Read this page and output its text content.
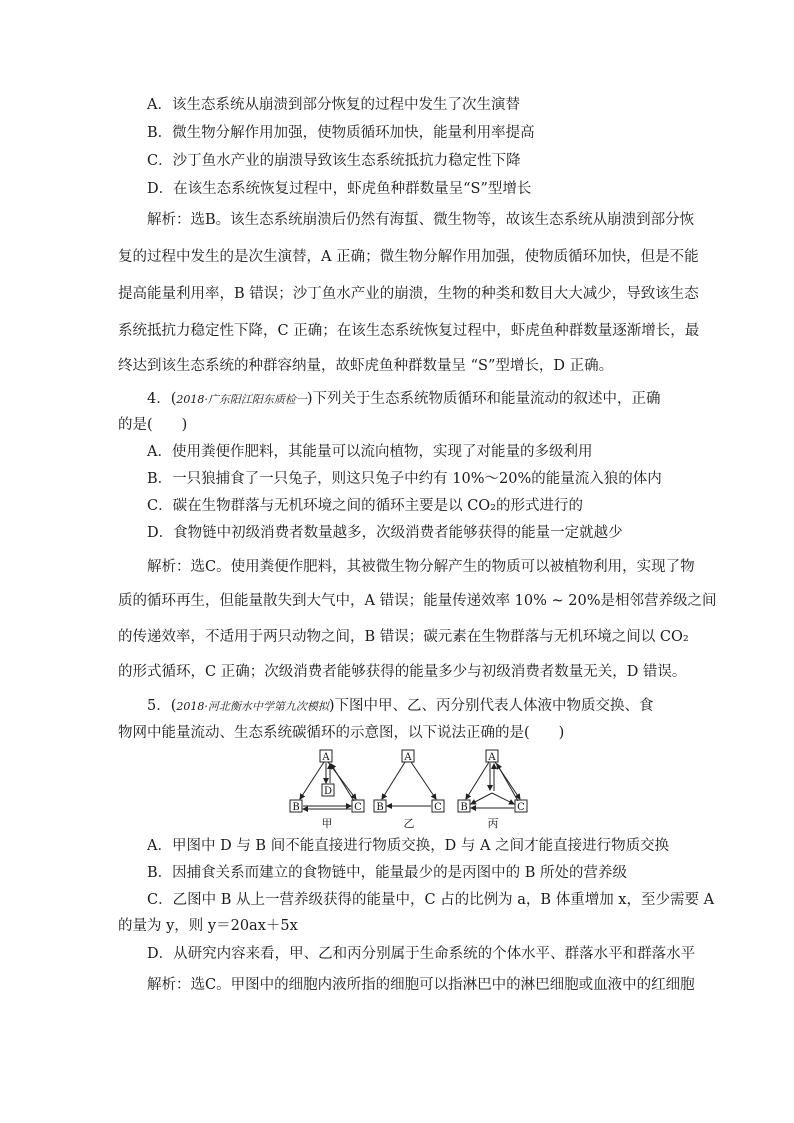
A．该生态系统从崩溃到部分恢复的过程中发生了次生演替
B．微生物分解作用加强，使物质循环加快，能量利用率提高
C．沙丁鱼水产业的崩溃导致该生态系统抵抗力稳定性下降
D．在该生态系统恢复过程中，虾虎鱼种群数量呈“S”型增长
解析：选B。该生态系统崩溃后仍然有海蜇、微生物等，故该生态系统从崩溃到部分恢
复的过程中发生的是次生演替，A 正确；微生物分解作用加强，使物质循环加快，但是不能
提高能量利用率，B 错误；沙丁鱼水产业的崩溃，生物的种类和数目大大减少，导致该生态
系统抵抗力稳定性下降，C 正确；在该生态系统恢复过程中，虾虎鱼种群数量逐渐增长，最
终达到该生态系统的种群容纳量，故虾虎鱼种群数量呈 “S”型增长，D 正确。
4．(2018·广东阳江阳东质检一)下列关于生态系统物质循环和能量流动的叙述中，正确
的是(　　)
A．使用粪便作肥料，其能量可以流向植物，实现了对能量的多级利用
B．一只狼捕食了一只兔子，则这只兔子中约有 10%～20%的能量流入狼的体内
C．碳在生物群落与无机环境之间的循环主要是以 CO₂的形式进行的
D．食物链中初级消费者数量越多，次级消费者能够获得的能量一定就越少
解析：选C。使用粪便作肥料，其被微生物分解产生的物质可以被植物利用，实现了物
质的循环再生，但能量散失到大气中，A 错误；能量传递效率 10% ~ 20%是相邻营养级之间
的传递效率，不适用于两只动物之间，B 错误；碳元素在生物群落与无机环境之间以 CO₂
的形式循环，C 正确；次级消费者能够获得的能量多少与初级消费者数量无关，D 错误。
5．(2018·河北衡水中学第九次模拟)下图中甲、乙、丙分别代表人体液中物质交换、食
物网中能量流动、生态系统碳循环的示意图，以下说法正确的是(　　)
A
D
B	C
A
B	C
A
B	C
甲	乙	丙
A．甲图中 D 与 B 间不能直接进行物质交换，D 与 A 之间才能直接进行物质交换
B．因捕食关系而建立的食物链中，能量最少的是丙图中的 B 所处的营养级
C．乙图中 B 从上一营养级获得的能量中，C 占的比例为 a，B 体重增加 x，至少需要 A
的量为 y，则 y＝20ax＋5x
D．从研究内容来看，甲、乙和丙分别属于生命系统的个体水平、群落水平和群落水平
解析：选C。甲图中的细胞内液所指的细胞可以指淋巴中的淋巴细胞或血液中的红细胞
